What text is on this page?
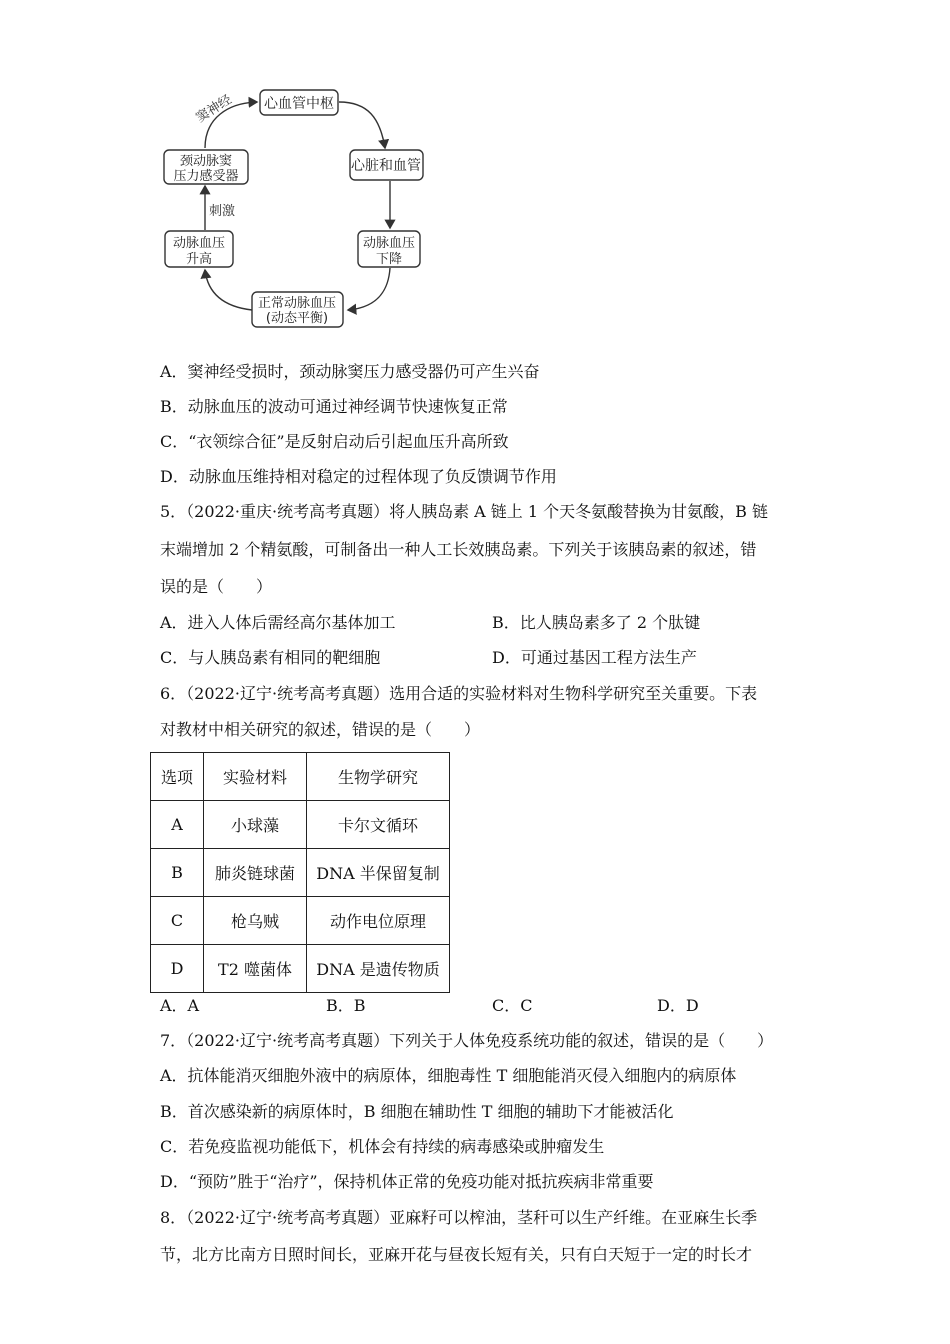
心血管中枢
心脏和血管
动脉血压
下降
正常动脉血压
(动态平衡)
动脉血压
升高
颈动脉窦
压力感受器
窦神经
刺激
A．窦神经受损时，颈动脉窦压力感受器仍可产生兴奋
B．动脉血压的波动可通过神经调节快速恢复正常
C．“衣领综合征”是反射启动后引起血压升高所致
D．动脉血压维持相对稳定的过程体现了负反馈调节作用
5．（2022·重庆·统考高考真题）将人胰岛素 A 链上 1 个天冬氨酸替换为甘氨酸，B 链
末端增加 2 个精氨酸，可制备出一种人工长效胰岛素。下列关于该胰岛素的叙述，错
误的是（　　）
A．进入人体后需经高尔基体加工	B．比人胰岛素多了 2 个肽键
C．与人胰岛素有相同的靶细胞	D．可通过基因工程方法生产
6．（2022·辽宁·统考高考真题）选用合适的实验材料对生物科学研究至关重要。下表
对教材中相关研究的叙述，错误的是（　　）
选项	实验材料	生物学研究
A	小球藻	卡尔文循环
B	肺炎链球菌	DNA 半保留复制
C	枪乌贼	动作电位原理
D	T2 噬菌体	DNA 是遗传物质
A．A	B．B	C．C	D．D
7．（2022·辽宁·统考高考真题）下列关于人体免疫系统功能的叙述，错误的是（　　）
A．抗体能消灭细胞外液中的病原体，细胞毒性 T 细胞能消灭侵入细胞内的病原体
B．首次感染新的病原体时，B 细胞在辅助性 T 细胞的辅助下才能被活化
C．若免疫监视功能低下，机体会有持续的病毒感染或肿瘤发生
D．“预防”胜于“治疗”，保持机体正常的免疫功能对抵抗疾病非常重要
8．（2022·辽宁·统考高考真题）亚麻籽可以榨油，茎秆可以生产纤维。在亚麻生长季
节，北方比南方日照时间长，亚麻开花与昼夜长短有关，只有白天短于一定的时长才
